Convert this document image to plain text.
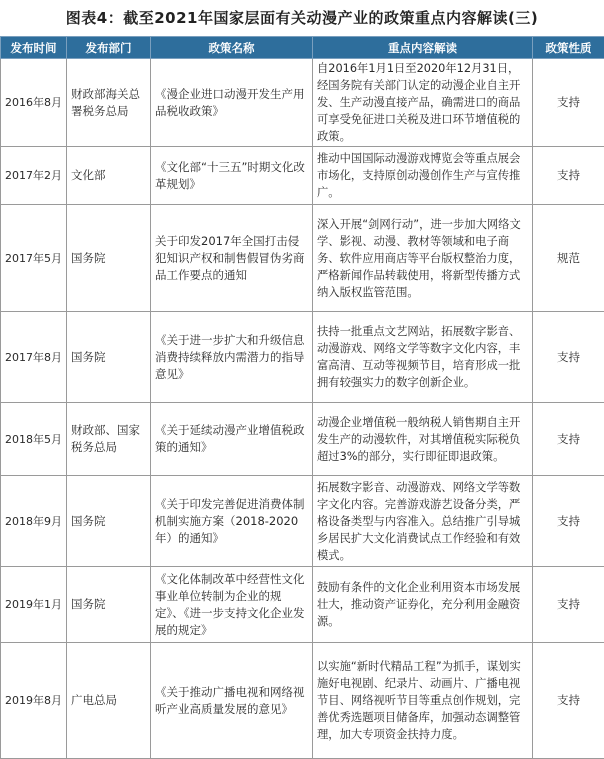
图表4：截至2021年国家层面有关动漫产业的政策重点内容解读(三)
发布时间	发布部门	政策名称	重点内容解读	政策性质
2016年8月	财政部海关总署税务总局	《漫企业进口动漫开发生产用品税收政策》	自2016年1月1日至2020年12月31日，经国务院有关部门认定的动漫企业自主开发、生产动漫直接产品，确需进口的商品可享受免征进口关税及进口环节增值税的政策。	支持
2017年2月	文化部	《文化部“十三五”时期文化改革规划》	推动中国国际动漫游戏博览会等重点展会市场化，支持原创动漫创作生产与宣传推广。	支持
2017年5月	国务院	关于印发2017年全国打击侵犯知识产权和制售假冒伪劣商品工作要点的通知	深入开展“剑网行动”，进一步加大网络文学、影视、动漫、教材等领域和电子商务、软件应用商店等平台版权整治力度，严格新闻作品转载使用，将新型传播方式纳入版权监管范围。	规范
2017年8月	国务院	《关于进一步扩大和升级信息消费持续释放内需潜力的指导意见》	扶持一批重点文艺网站，拓展数字影音、动漫游戏、网络文学等数字文化内容，丰富高清、互动等视频节目，培育形成一批拥有较强实力的数字创新企业。	支持
2018年5月	财政部、国家税务总局	《关于延续动漫产业增值税政策的通知》	动漫企业增值税一般纳税人销售期自主开发生产的动漫软件，对其增值税实际税负超过3%的部分，实行即征即退政策。	支持
2018年9月	国务院	《关于印发完善促进消费体制机制实施方案（2018-2020年）的通知》	拓展数字影音、动漫游戏、网络文学等数字文化内容。完善游戏游艺设备分类，严格设备类型与内容准入。总结推广引导城乡居民扩大文化消费试点工作经验和有效模式。	支持
2019年1月	国务院	《文化体制改革中经营性文化事业单位转制为企业的规定》、《进一步支持文化企业发展的规定》	鼓励有条件的文化企业利用资本市场发展壮大，推动资产证券化，充分利用金融资源。	支持
2019年8月	广电总局	《关于推动广播电视和网络视听产业高质量发展的意见》	以实施“新时代精品工程”为抓手，谋划实施好电视剧、纪录片、动画片、广播电视节目、网络视听节目等重点创作规划，完善优秀选题项目储备库，加强动态调整管理，加大专项资金扶持力度。	支持
